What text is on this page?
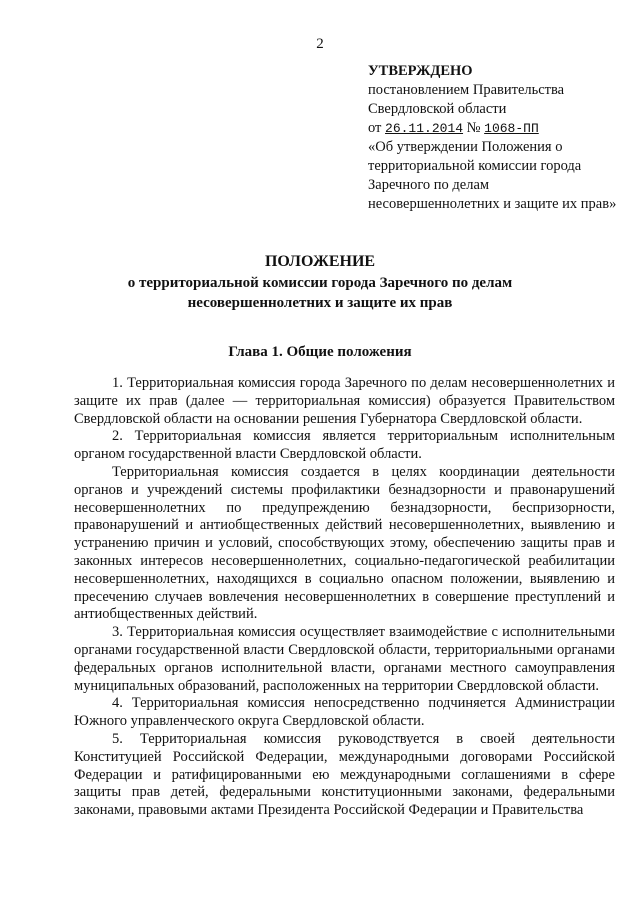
2
УТВЕРЖДЕНО
постановлением Правительства
Свердловской области
от 26.11.2014 № 1068-ПП
«Об утверждении Положения о территориальной комиссии города Заречного по делам несовершеннолетних и защите их прав»
ПОЛОЖЕНИЕ
о территориальной комиссии города Заречного по делам несовершеннолетних и защите их прав
Глава 1. Общие положения

1. Территориальная комиссия города Заречного по делам несовершеннолетних и защите их прав (далее — территориальная комиссия) образуется Правительством Свердловской области на основании решения Губернатора Свердловской области.

2. Территориальная комиссия является территориальным исполнительным органом государственной власти Свердловской области.

Территориальная комиссия создается в целях координации деятельности органов и учреждений системы профилактики безнадзорности и правонарушений несовершеннолетних по предупреждению безнадзорности, беспризорности, правонарушений и антиобщественных действий несовершеннолетних, выявлению и устранению причин и условий, способствующих этому, обеспечению защиты прав и законных интересов несовершеннолетних, социально-педагогической реабилитации несовершеннолетних, находящихся в социально опасном положении, выявлению и пресечению случаев вовлечения несовершеннолетних в совершение преступлений и антиобщественных действий.

3. Территориальная комиссия осуществляет взаимодействие с исполнительными органами государственной власти Свердловской области, территориальными органами федеральных органов исполнительной власти, органами местного самоуправления муниципальных образований, расположенных на территории Свердловской области.

4. Территориальная комиссия непосредственно подчиняется Администрации Южного управленческого округа Свердловской области.

5. Территориальная комиссия руководствуется в своей деятельности Конституцией Российской Федерации, международными договорами Российской Федерации и ратифицированными ею международными соглашениями в сфере защиты прав детей, федеральными конституционными законами, федеральными законами, правовыми актами Президента Российской Федерации и Правительства
